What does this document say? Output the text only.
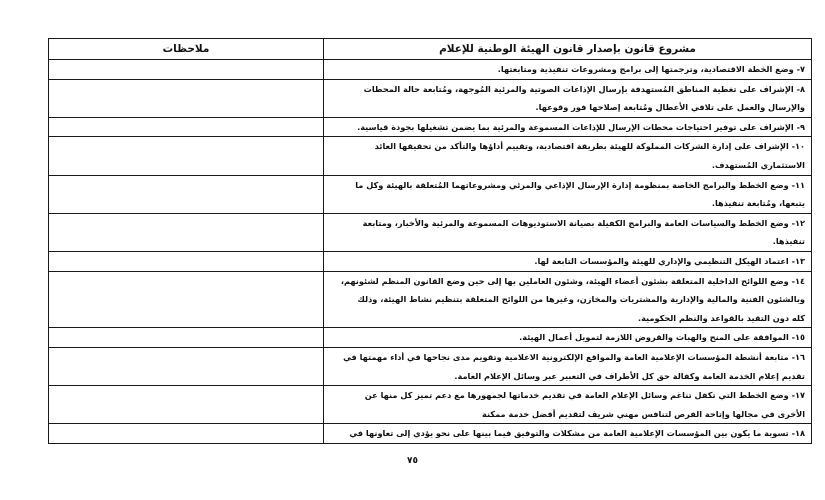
مشروع قانون بإصدار قانون الهيئة الوطنية للإعلام	ملاحظات

٧- وضع الخطة الاقتصادية، وترجمتها إلى برامج ومشروعات تنفيذية ومتابعتها.	

٨- الإشراف على تغطية المناطق المُستهدفة بإرسال الإذاعات الصوتية والمرئية المُوجهة، ومُتابعة حالة المحطات
والإرسال والعمل على تلافي الأعطال ومُتابعة إصلاحها فور وقوعها.	

٩- الإشراف على توفير احتياجات محطات الإرسال للإذاعات المسموعة والمرئية بما يضمن تشغيلها بجودة قياسية.	

١٠- الإشراف على إدارة الشركات المملوكة للهيئة بطريقة اقتصادية، وتقييم أداؤها والتأكد من تحقيقها العائد
الاستثماري المُستهدف.	

١١- وضع الخطط والبرامج الخاصة بمنظومة إدارة الإرسال الإذاعي والمرئي ومشروعاتهما المُتعلقة بالهيئة وكل ما
يتبعها، ومُتابعة تنفيذها.	

١٢- وضع الخطط والسياسات العامة والبرامج الكفيلة بصيانة الاستوديوهات المسموعة والمرئية والأخبار، ومتابعة
تنفيذها.	

١٣- اعتماد الهيكل التنظيمي والإداري للهيئة والمؤسسات التابعة لها.	

١٤- وضع اللوائح الداخلية المتعلقة بشئون أعضاء الهيئة، وشئون العاملين بها إلى حين وضع القانون المنظم لشئونهم،
وبالشئون الفنية والمالية والإدارية والمشتريات والمخازن، وغيرها من اللوائح المتعلقة بتنظيم نشاط الهيئة، وذلك
كله دون التقيد بالقواعد والنظم الحكومية.	

١٥- الموافقة على المنح والهبات والقروض اللازمة لتمويل أعمال الهيئة.	

١٦- متابعة أنشطة المؤسسات الإعلامية العامة والمواقع الإلكترونية الاعلامية وتقويم مدى نجاحها في أداء مهمتها في
تقديم إعلام الخدمة العامة وكفالة حق كل الأطراف في التعبير عبر وسائل الإعلام العامة.	

١٧- وضع الخطط التي تكفل تناغم وسائل الإعلام العامة في تقديم خدماتها لجمهورها مع دعم تميز كل منها عن
الأخرى في مجالها وإتاحة الفرص لتنافس مهني شريف لتقديم أفضل خدمة ممكنة	

١٨- تسوية ما يكون بين المؤسسات الإعلامية العامة من مشكلات والتوفيق فيما بينها على نحو يؤدي إلى تعاونها في	

٧٥
